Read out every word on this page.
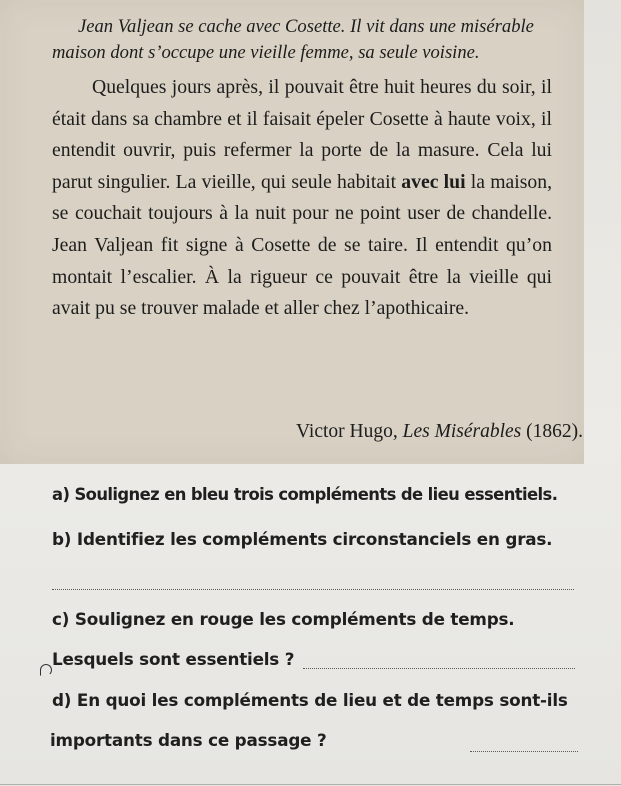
Jean Valjean se cache avec Cosette. Il vit dans une misérable maison dont s’occupe une vieille femme, sa seule voisine.

Quelques jours après, il pouvait être huit heures du soir, il était dans sa chambre et il faisait épeler Cosette à haute voix, il entendit ouvrir, puis refermer la porte de la masure. Cela lui parut singulier. La vieille, qui seule habitait avec lui la maison, se couchait toujours à la nuit pour ne point user de chandelle. Jean Valjean fit signe à Cosette de se taire. Il entendit qu’on montait l’escalier. À la rigueur ce pouvait être la vieille qui avait pu se trouver malade et aller chez l’apothicaire.

Victor Hugo, Les Misérables (1862).
a) Soulignez en bleu trois compléments de lieu essentiels.
b) Identifiez les compléments circonstanciels en gras.
c) Soulignez en rouge les compléments de temps.
Lesquels sont essentiels ?
d) En quoi les compléments de lieu et de temps sont-ils
importants dans ce passage ?
